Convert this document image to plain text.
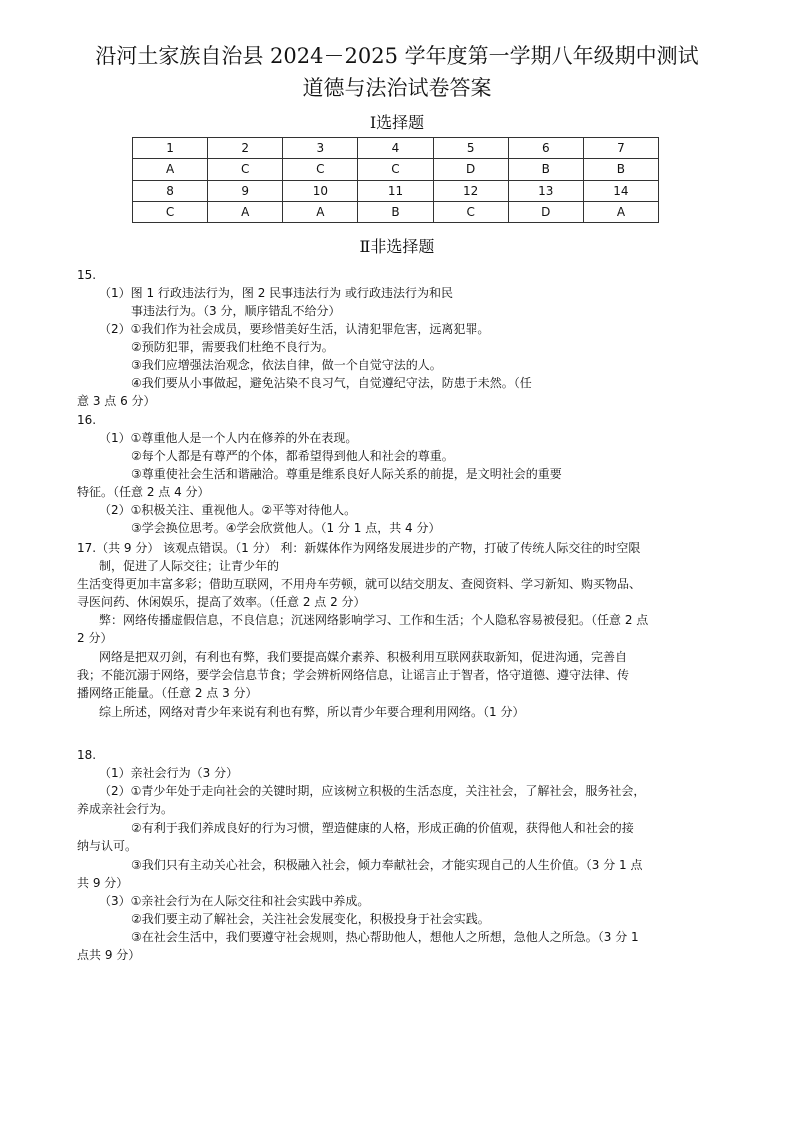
沿河土家族自治县 2024－2025 学年度第一学期八年级期中测试
道德与法治试卷答案
Ⅰ选择题
1	2	3	4	5	6	7
A	C	C	C	D	B	B
8	9	10	11	12	13	14
C	A	A	B	C	D	A
Ⅱ非选择题
15.
（1）图 1 行政违法行为，图 2 民事违法行为 或行政违法行为和民
事违法行为。（3 分，顺序错乱不给分）
（2）①我们作为社会成员，要珍惜美好生活，认清犯罪危害，远离犯罪。
②预防犯罪，需要我们杜绝不良行为。
③我们应增强法治观念，依法自律，做一个自觉守法的人。
④我们要从小事做起，避免沾染不良习气，自觉遵纪守法，防患于未然。（任
意 3 点 6 分）
16.
（1）①尊重他人是一个人内在修养的外在表现。
②每个人都是有尊严的个体，都希望得到他人和社会的尊重。
③尊重使社会生活和谐融洽。尊重是维系良好人际关系的前提，是文明社会的重要
特征。（任意 2 点 4 分）
（2）①积极关注、重视他人。②平等对待他人。
③学会换位思考。④学会欣赏他人。（1 分 1 点，共 4 分）
17.（共 9 分） 该观点错误。（1 分） 利：新媒体作为网络发展进步的产物，打破了传统人际交往的时空限
制，促进了人际交往；让青少年的
生活变得更加丰富多彩；借助互联网，不用舟车劳顿，就可以结交朋友、查阅资料、学习新知、购买物品、
寻医问药、休闲娱乐，提高了效率。（任意 2 点 2 分）
弊：网络传播虚假信息，不良信息；沉迷网络影响学习、工作和生活；个人隐私容易被侵犯。（任意 2 点
2 分）
网络是把双刃剑，有利也有弊，我们要提高媒介素养、积极利用互联网获取新知，促进沟通，完善自
我；不能沉溺于网络，要学会信息节食；学会辨析网络信息，让谣言止于智者，恪守道德、遵守法律、传
播网络正能量。（任意 2 点 3 分）
综上所述，网络对青少年来说有利也有弊，所以青少年要合理利用网络。（1 分）
18.
（1）亲社会行为（3 分）
（2）①青少年处于走向社会的关键时期，应该树立积极的生活态度，关注社会，了解社会，服务社会，
养成亲社会行为。
②有利于我们养成良好的行为习惯，塑造健康的人格，形成正确的价值观，获得他人和社会的接
纳与认可。
③我们只有主动关心社会，积极融入社会，倾力奉献社会，才能实现自己的人生价值。（3 分 1 点
共 9 分）
（3）①亲社会行为在人际交往和社会实践中养成。
②我们要主动了解社会，关注社会发展变化，积极投身于社会实践。
③在社会生活中，我们要遵守社会规则，热心帮助他人，想他人之所想，急他人之所急。（3 分 1
点共 9 分）
